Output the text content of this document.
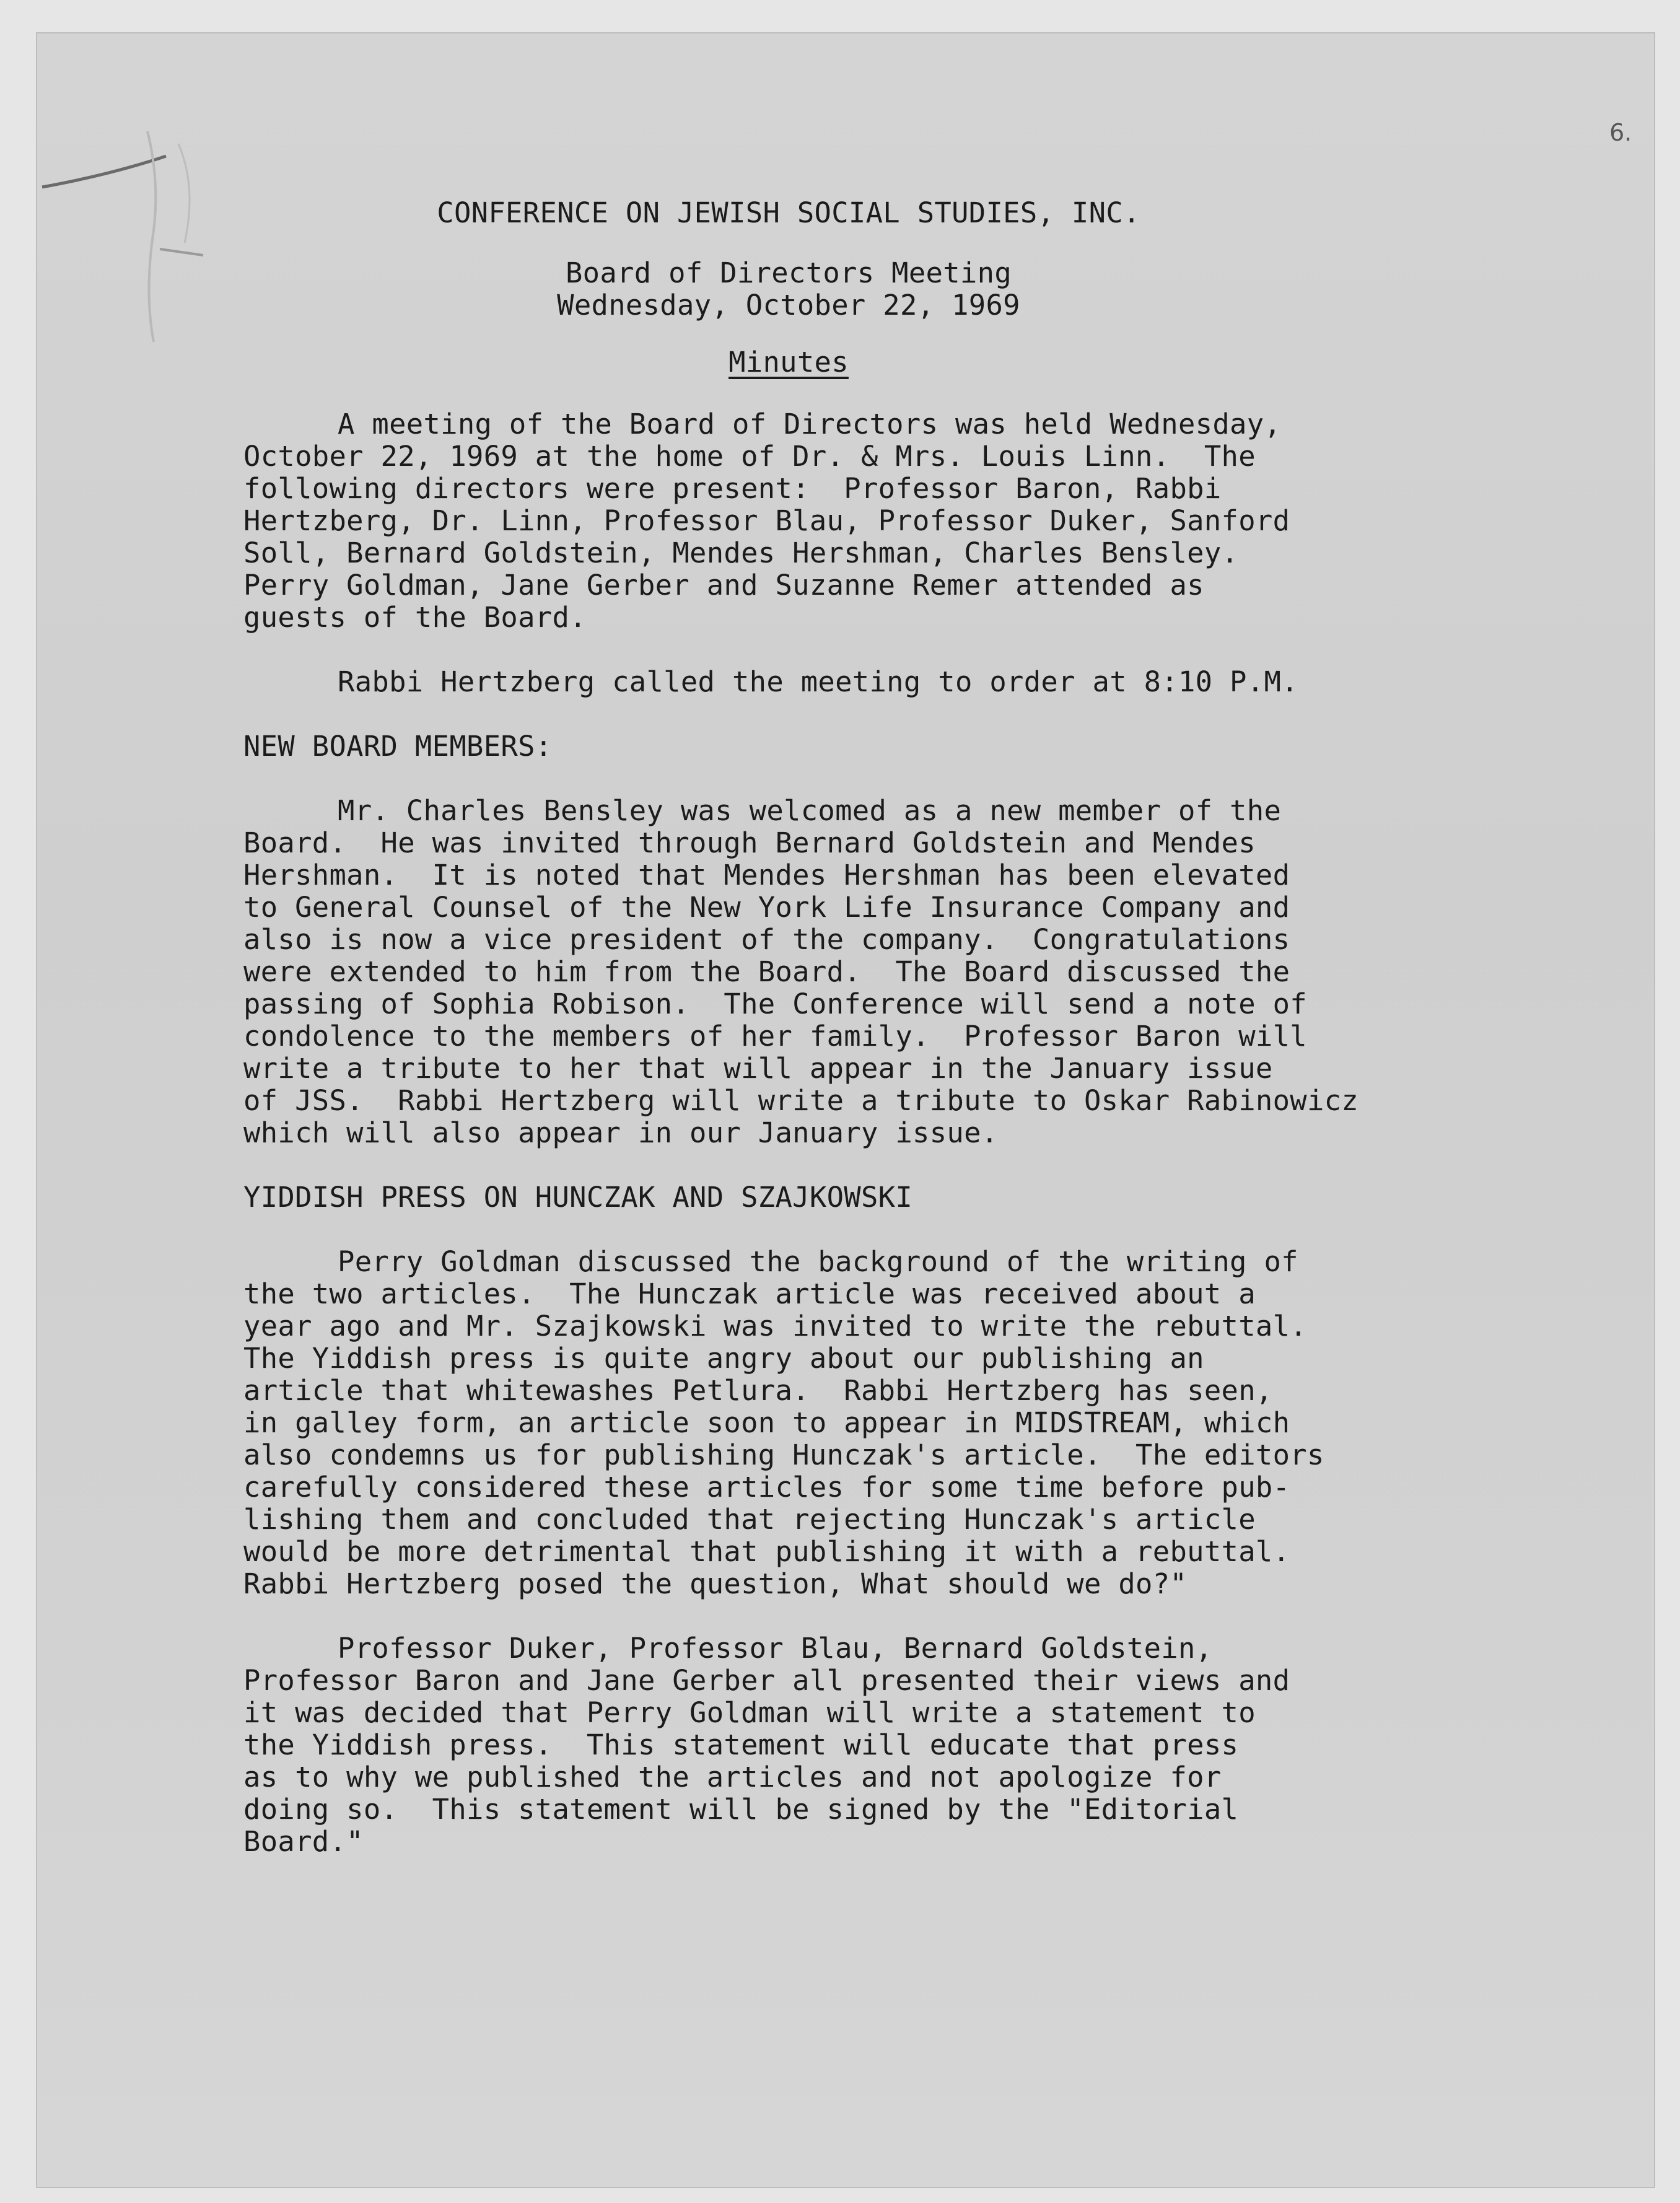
6.
CONFERENCE ON JEWISH SOCIAL STUDIES, INC.
Board of Directors Meeting
Wednesday, October 22, 1969
Minutes

A meeting of the Board of Directors was held Wednesday,

October 22, 1969 at the home of Dr. & Mrs. Louis Linn.  The

following directors were present:  Professor Baron, Rabbi

Hertzberg, Dr. Linn, Professor Blau, Professor Duker, Sanford

Soll, Bernard Goldstein, Mendes Hershman, Charles Bensley.

Perry Goldman, Jane Gerber and Suzanne Remer attended as

guests of the Board.

Rabbi Hertzberg called the meeting to order at 8:10 P.M.

NEW BOARD MEMBERS:

Mr. Charles Bensley was welcomed as a new member of the

Board.  He was invited through Bernard Goldstein and Mendes

Hershman.  It is noted that Mendes Hershman has been elevated

to General Counsel of the New York Life Insurance Company and

also is now a vice president of the company.  Congratulations

were extended to him from the Board.  The Board discussed the

passing of Sophia Robison.  The Conference will send a note of

condolence to the members of her family.  Professor Baron will

write a tribute to her that will appear in the January issue

of JSS.  Rabbi Hertzberg will write a tribute to Oskar Rabinowicz

which will also appear in our January issue.

YIDDISH PRESS ON HUNCZAK AND SZAJKOWSKI

Perry Goldman discussed the background of the writing of

the two articles.  The Hunczak article was received about a

year ago and Mr. Szajkowski was invited to write the rebuttal.

The Yiddish press is quite angry about our publishing an

article that whitewashes Petlura.  Rabbi Hertzberg has seen,

in galley form, an article soon to appear in MIDSTREAM, which

also condemns us for publishing Hunczak's article.  The editors

carefully considered these articles for some time before pub-

lishing them and concluded that rejecting Hunczak's article

would be more detrimental that publishing it with a rebuttal.

Rabbi Hertzberg posed the question, What should we do?"

Professor Duker, Professor Blau, Bernard Goldstein,

Professor Baron and Jane Gerber all presented their views and

it was decided that Perry Goldman will write a statement to

the Yiddish press.  This statement will educate that press

as to why we published the articles and not apologize for

doing so.  This statement will be signed by the "Editorial

Board."
